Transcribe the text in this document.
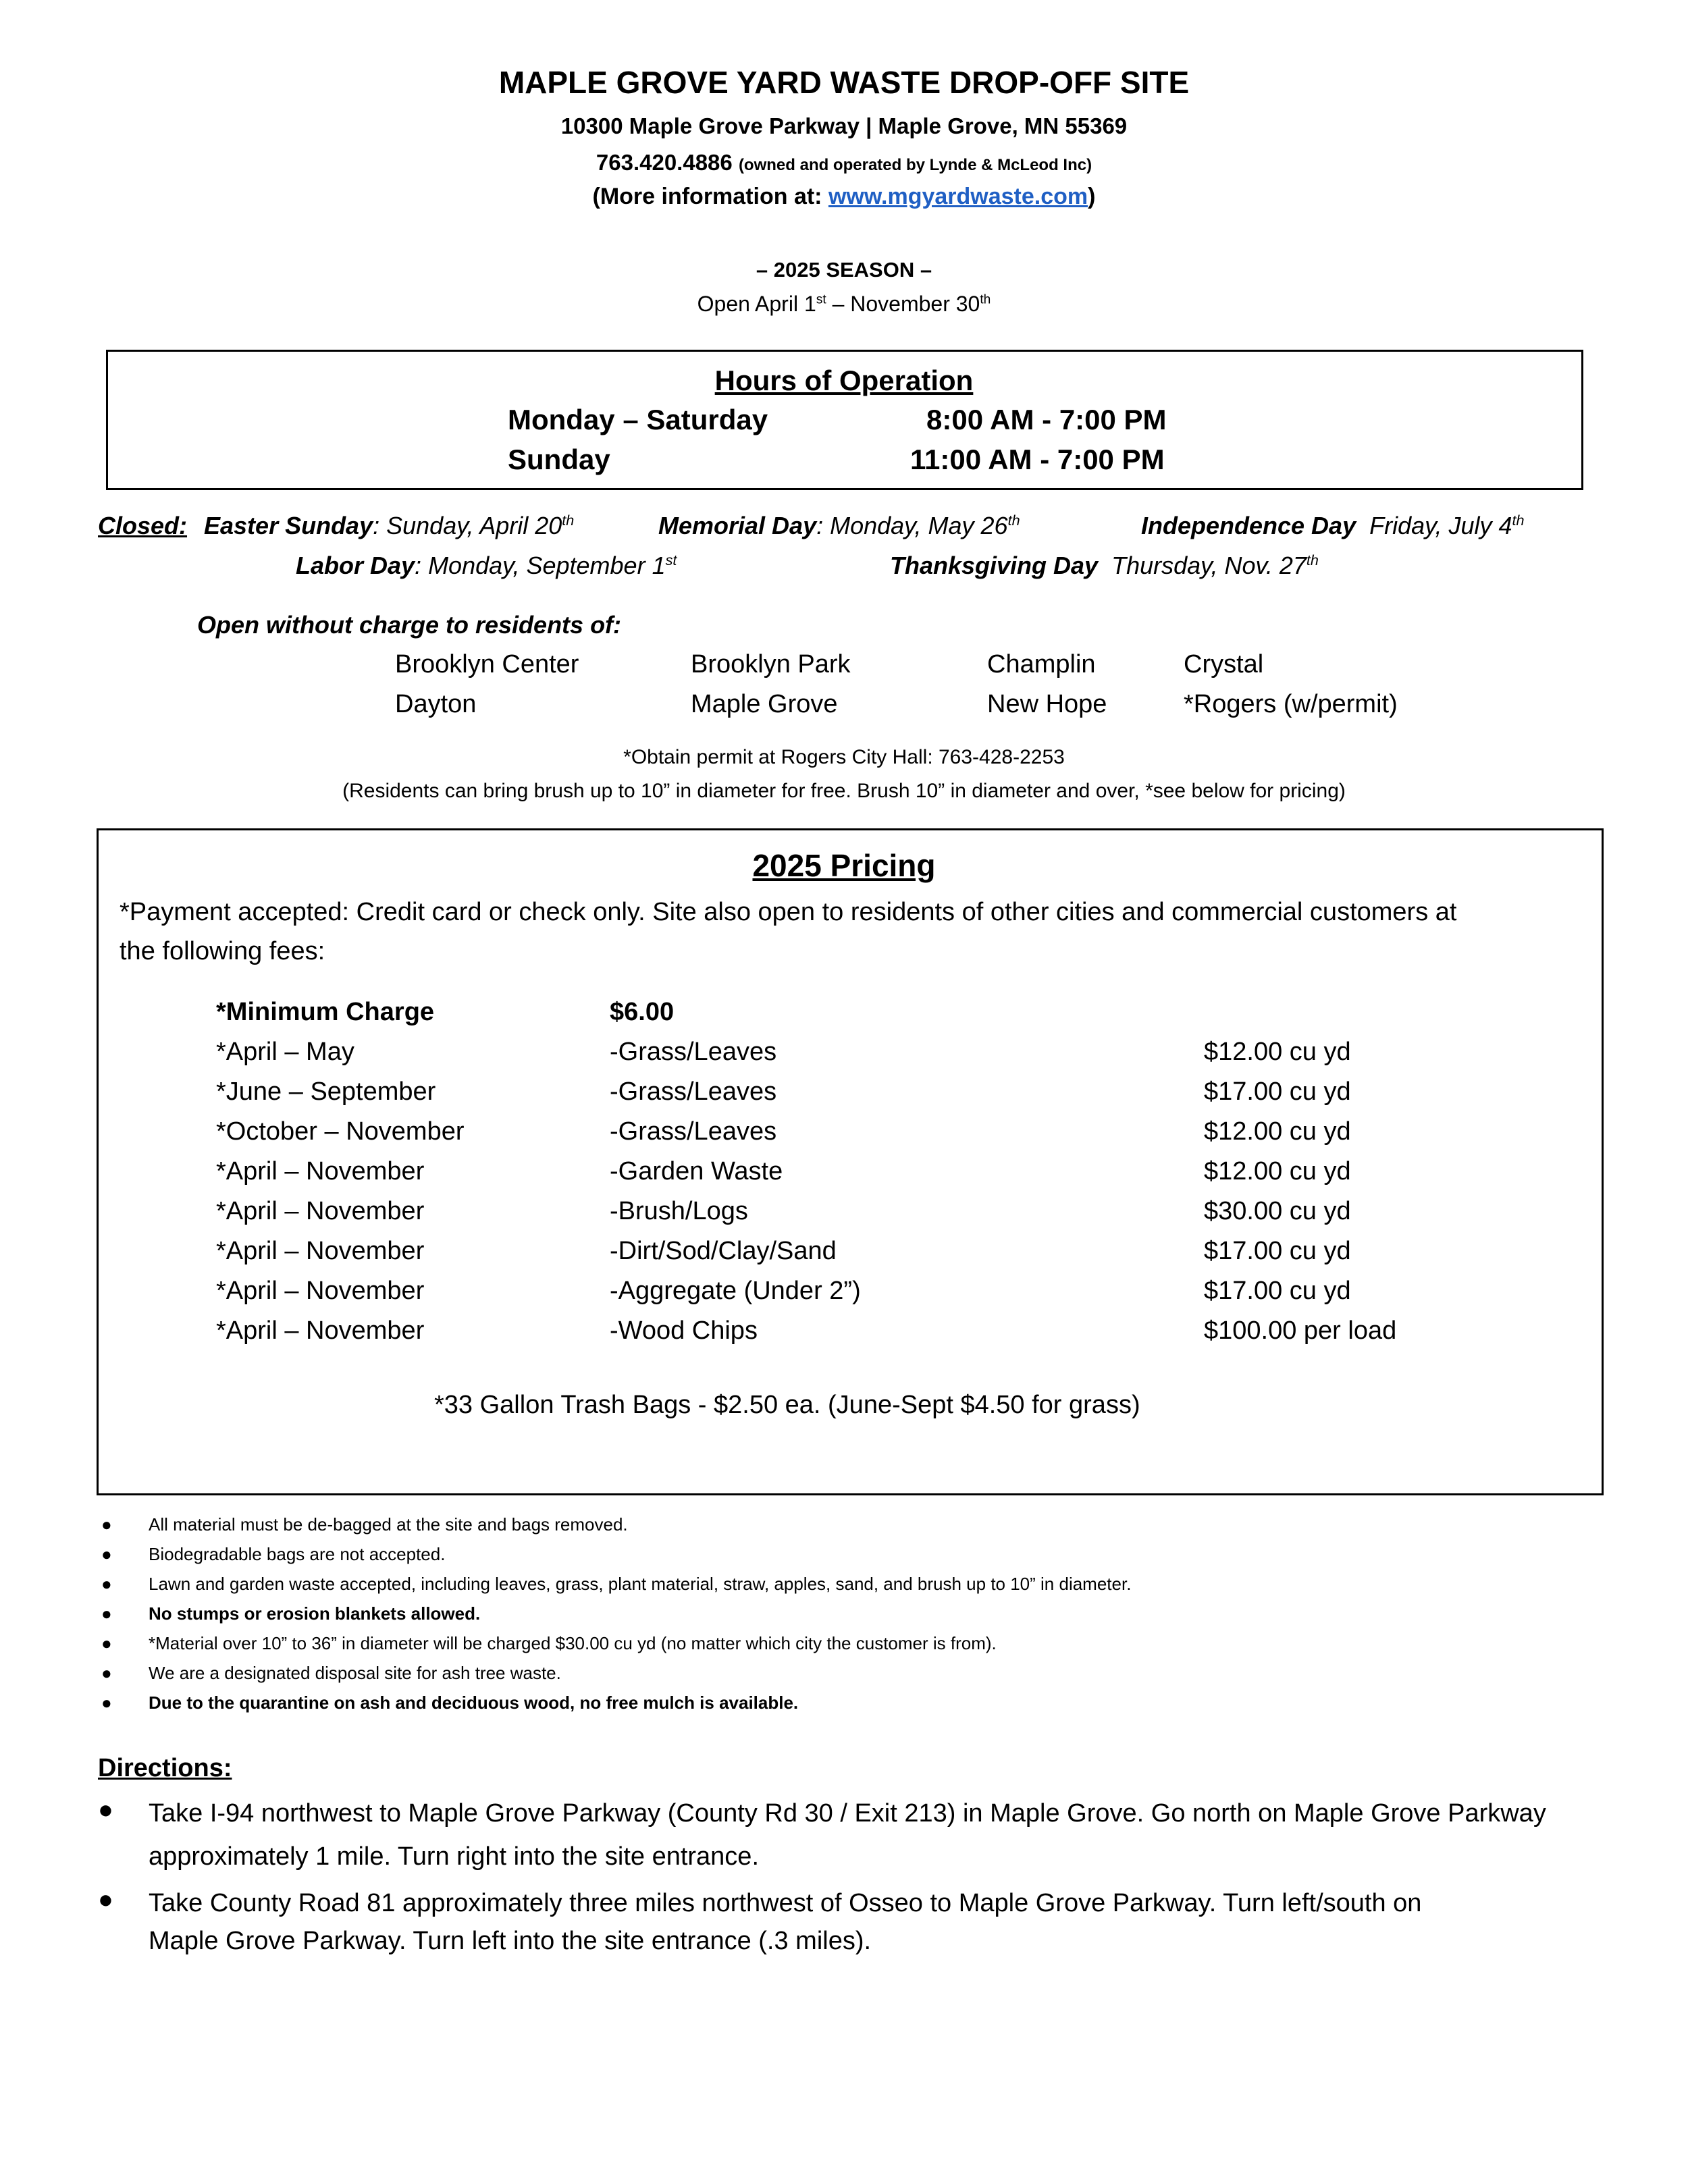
MAPLE GROVE YARD WASTE DROP-OFF SITE
10300 Maple Grove Parkway | Maple Grove, MN 55369
763.420.4886 (owned and operated by Lynde & McLeod Inc)
(More information at: www.mgyardwaste.com)
– 2025 SEASON –
Open April 1st – November 30th
Hours of Operation
Monday – Saturday	8:00 AM - 7:00 PM
Sunday	11:00 AM - 7:00 PM
Closed: Easter Sunday: Sunday, April 20th	Memorial Day: Monday, May 26th	Independence Day Friday, July 4th
Labor Day: Monday, September 1st	Thanksgiving Day Thursday, Nov. 27th
Open without charge to residents of:
Brooklyn Center	Brooklyn Park	Champlin	Crystal
Dayton	Maple Grove	New Hope	*Rogers (w/permit)
*Obtain permit at Rogers City Hall: 763-428-2253
(Residents can bring brush up to 10” in diameter for free. Brush 10” in diameter and over, *see below for pricing)
2025 Pricing
*Payment accepted: Credit card or check only. Site also open to residents of other cities and commercial customers at
the following fees:
*Minimum Charge	$6.00
*April – May	-Grass/Leaves	$12.00 cu yd
*June – September	-Grass/Leaves	$17.00 cu yd
*October – November	-Grass/Leaves	$12.00 cu yd
*April – November	-Garden Waste	$12.00 cu yd
*April – November	-Brush/Logs	$30.00 cu yd
*April – November	-Dirt/Sod/Clay/Sand	$17.00 cu yd
*April – November	-Aggregate (Under 2”)	$17.00 cu yd
*April – November	-Wood Chips	$100.00 per load
*33 Gallon Trash Bags - $2.50 ea. (June-Sept $4.50 for grass)
● All material must be de-bagged at the site and bags removed.
● Biodegradable bags are not accepted.
● Lawn and garden waste accepted, including leaves, grass, plant material, straw, apples, sand, and brush up to 10” in diameter.
● No stumps or erosion blankets allowed.
● *Material over 10” to 36” in diameter will be charged $30.00 cu yd (no matter which city the customer is from).
● We are a designated disposal site for ash tree waste.
● Due to the quarantine on ash and deciduous wood, no free mulch is available.
Directions:
● Take I-94 northwest to Maple Grove Parkway (County Rd 30 / Exit 213) in Maple Grove. Go north on Maple Grove Parkway approximately 1 mile. Turn right into the site entrance.
● Take County Road 81 approximately three miles northwest of Osseo to Maple Grove Parkway. Turn left/south on Maple Grove Parkway. Turn left into the site entrance (.3 miles).
